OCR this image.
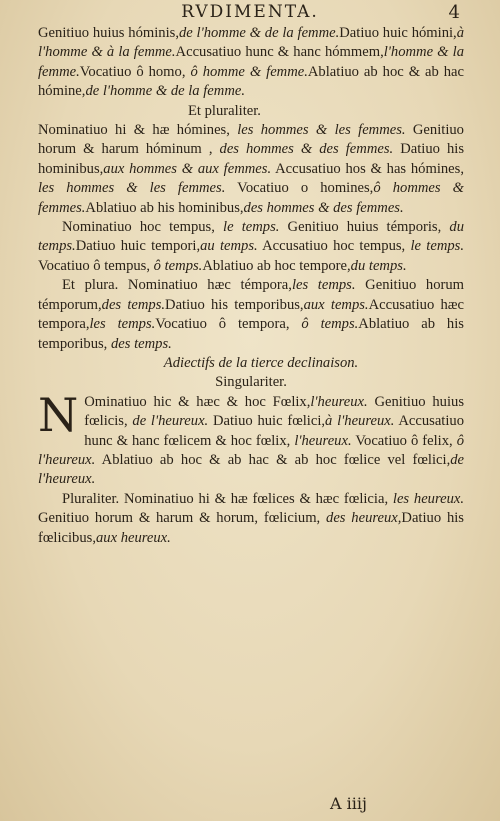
RVDIMENTA.	4

Genitiuo huius hóminis,de l'homme & de la femme.Datiuo huic hómini,à l'homme & à la femme.Accusatiuo hunc & hanc hómmem,l'homme & la femme.Vocatiuo ô homo, ô homme & femme.Ablatiuo ab hoc & ab hac hómine,de l'homme & de la femme.

Et pluraliter.

Nominatiuo hi & hæ hómines, les hommes & les femmes. Genitiuo horum & harum hóminum , des hommes & des femmes. Datiuo his hominibus,aux hommes & aux femmes. Accusatiuo hos & has hómines, les hommes & les femmes. Vocatiuo o homines,ô hommes & femmes.Ablatiuo ab his hominibus,des hommes & des femmes.

Nominatiuo hoc tempus, le temps. Genitiuo huius témporis, du temps.Datiuo huic tempori,au temps. Accusatiuo hoc tempus, le temps. Vocatiuo ô tempus, ô temps.Ablatiuo ab hoc tempore,du temps.

Et plura. Nominatiuo hæc témpora,les temps. Genitiuo horum témporum,des temps.Datiuo his temporibus,aux temps.Accusatiuo hæc tempora,les temps.Vocatiuo ô tempora, ô temps.Ablatiuo ab his temporibus, des temps.

Adiectifs de la tierce declinaison.

Singulariter.

N Ominatiuo hic & hæc & hoc Fœlix,l'heureux. Genitiuo huius fœlicis, de l'heureux. Datiuo huic fœlici,à l'heureux. Accusatiuo hunc & hanc fœlicem & hoc fœlix, l'heureux. Vocatiuo ô felix, ô l'heureux. Ablatiuo ab hoc & ab hac & ab hoc fœlice vel fœlici,de l'heureux.

Pluraliter. Nominatiuo hi & hæ fœlices & hæc fœlicia, les heureux. Genitiuo horum & harum & horum, fœlicium, des heureux,Datiuo his fœlicibus,aux heureux.

A iiij
